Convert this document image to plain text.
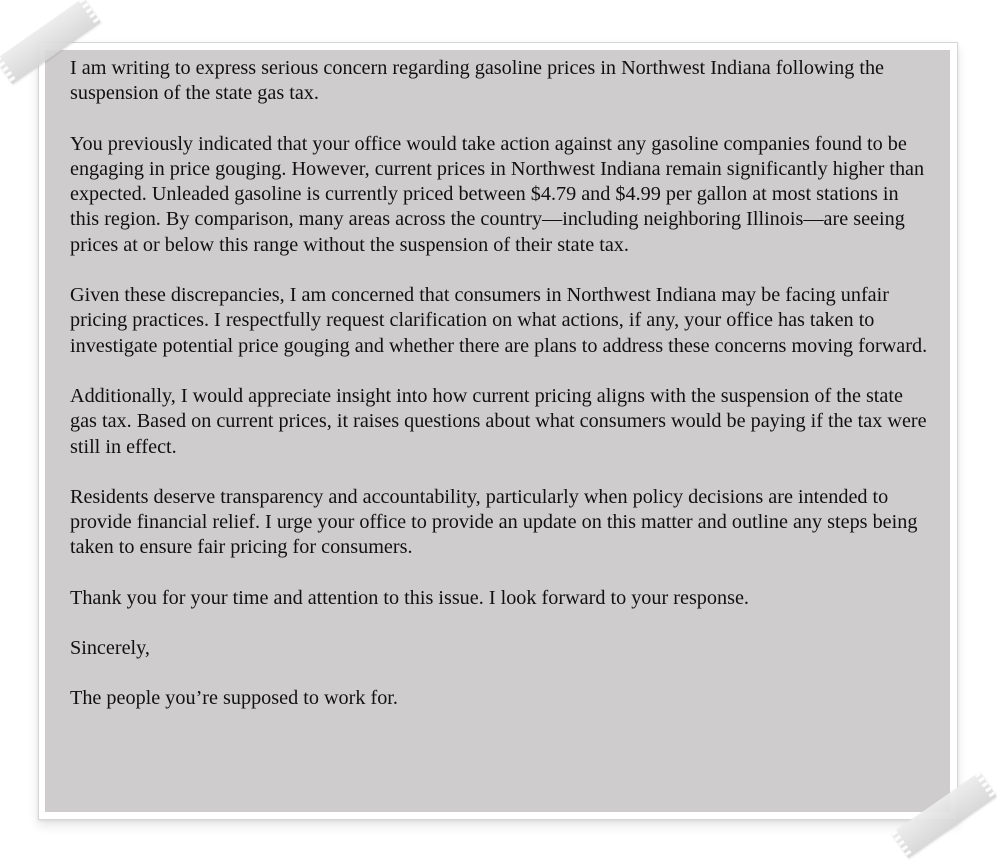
I am writing to express serious concern regarding gasoline prices in Northwest Indiana following the suspension of the state gas tax.

You previously indicated that your office would take action against any gasoline companies found to be engaging in price gouging. However, current prices in Northwest Indiana remain significantly higher than expected. Unleaded gasoline is currently priced between $4.79 and $4.99 per gallon at most stations in this region. By comparison, many areas across the country—including neighboring Illinois—are seeing prices at or below this range without the suspension of their state tax.

Given these discrepancies, I am concerned that consumers in Northwest Indiana may be facing unfair pricing practices. I respectfully request clarification on what actions, if any, your office has taken to investigate potential price gouging and whether there are plans to address these concerns moving forward.

Additionally, I would appreciate insight into how current pricing aligns with the suspension of the state gas tax. Based on current prices, it raises questions about what consumers would be paying if the tax were still in effect.

Residents deserve transparency and accountability, particularly when policy decisions are intended to provide financial relief. I urge your office to provide an update on this matter and outline any steps being taken to ensure fair pricing for consumers.

Thank you for your time and attention to this issue. I look forward to your response.

Sincerely,

The people you’re supposed to work for.
